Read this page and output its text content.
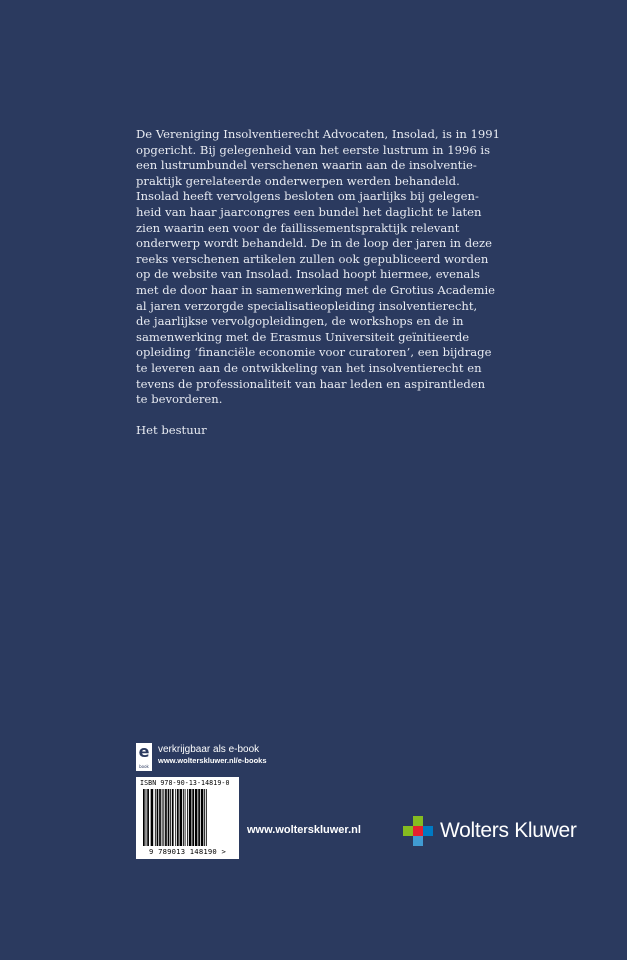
De Vereniging Insolventierecht Advocaten, Insolad, is in 1991

opgericht. Bij gelegenheid van het eerste lustrum in 1996 is

een lustrumbundel verschenen waarin aan de insolventie-

praktijk gerelateerde onderwerpen werden behandeld.

Insolad heeft vervolgens besloten om jaarlijks bij gelegen-

heid van haar jaarcongres een bundel het daglicht te laten

zien waarin een voor de faillissementspraktijk relevant

onderwerp wordt behandeld. De in de loop der jaren in deze

reeks verschenen artikelen zullen ook gepubliceerd worden

op de website van Insolad. Insolad hoopt hiermee, evenals

met de door haar in samenwerking met de Grotius Academie

al jaren verzorgde specialisatieopleiding insolventierecht,

de jaarlijkse vervolgopleidingen, de workshops en de in

samenwerking met de Erasmus Universiteit geïnitieerde

opleiding ‘financiële economie voor curatoren’, een bijdrage

te leveren aan de ontwikkeling van het insolventierecht en

tevens de professionaliteit van haar leden en aspirantleden

te bevorderen.

Het bestuur

e
book
verkrijgbaar als e-book
www.wolterskluwer.nl/e-books
ISBN 978-90-13-14819-0
9 789013 148190 >
www.wolterskluwer.nl	Wolters Kluwer
